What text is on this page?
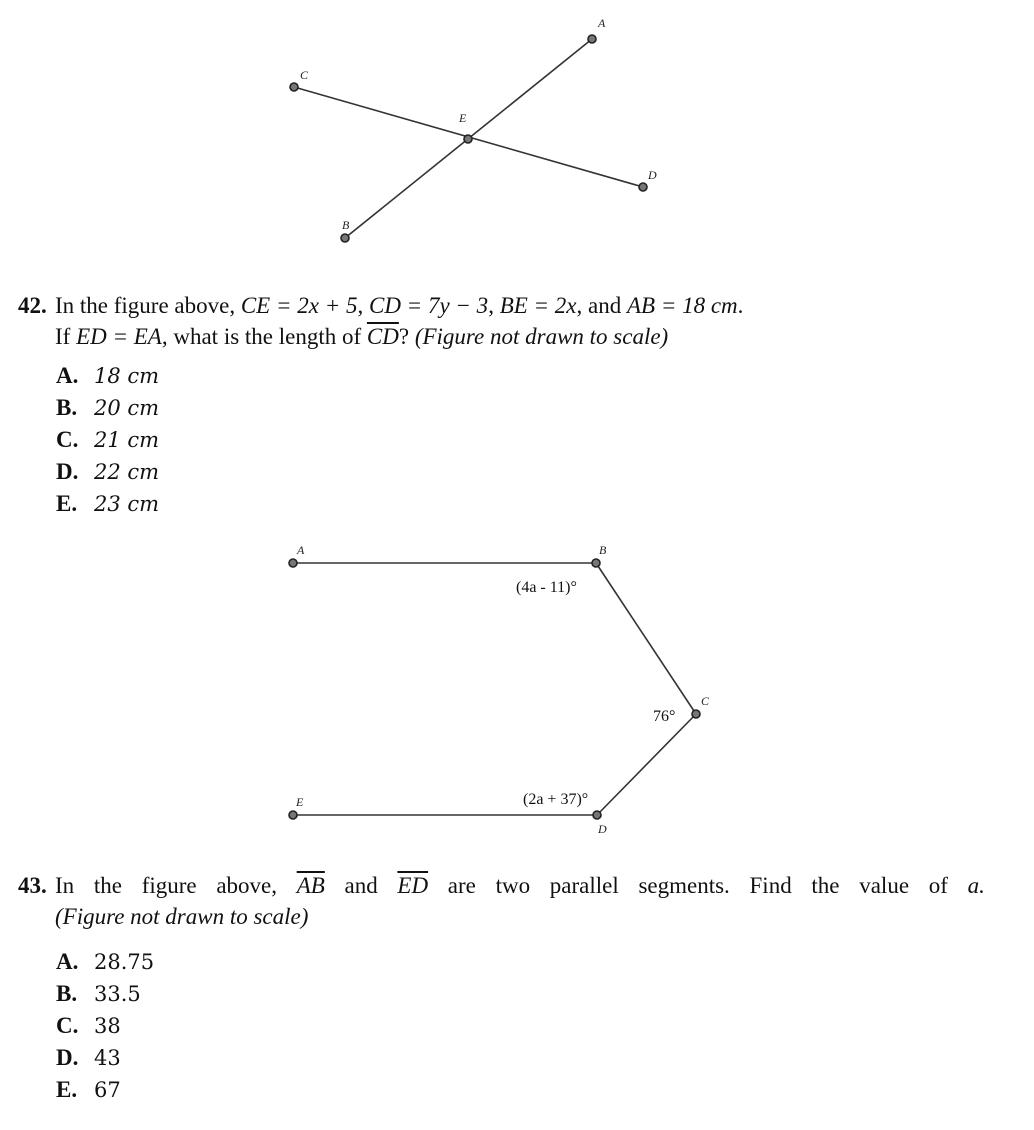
A
B
C
D
E
42. In the figure above, CE = 2x + 5, CD = 7y − 3, BE = 2x, and AB = 18 cm.
If ED = EA, what is the length of $\overline{CD}$? (Figure not drawn to scale)
A. 18 cm
B. 20 cm
C. 21 cm
D. 22 cm
E. 23 cm
A	B
C
D
E
(4a - 11)°
76°
(2a + 37)°
43. In the figure above, $\overline{AB}$ and $\overline{ED}$ are two parallel segments. Find the value of a.
(Figure not drawn to scale)
A. 28.75
B. 33.5
C. 38
D. 43
E. 67
